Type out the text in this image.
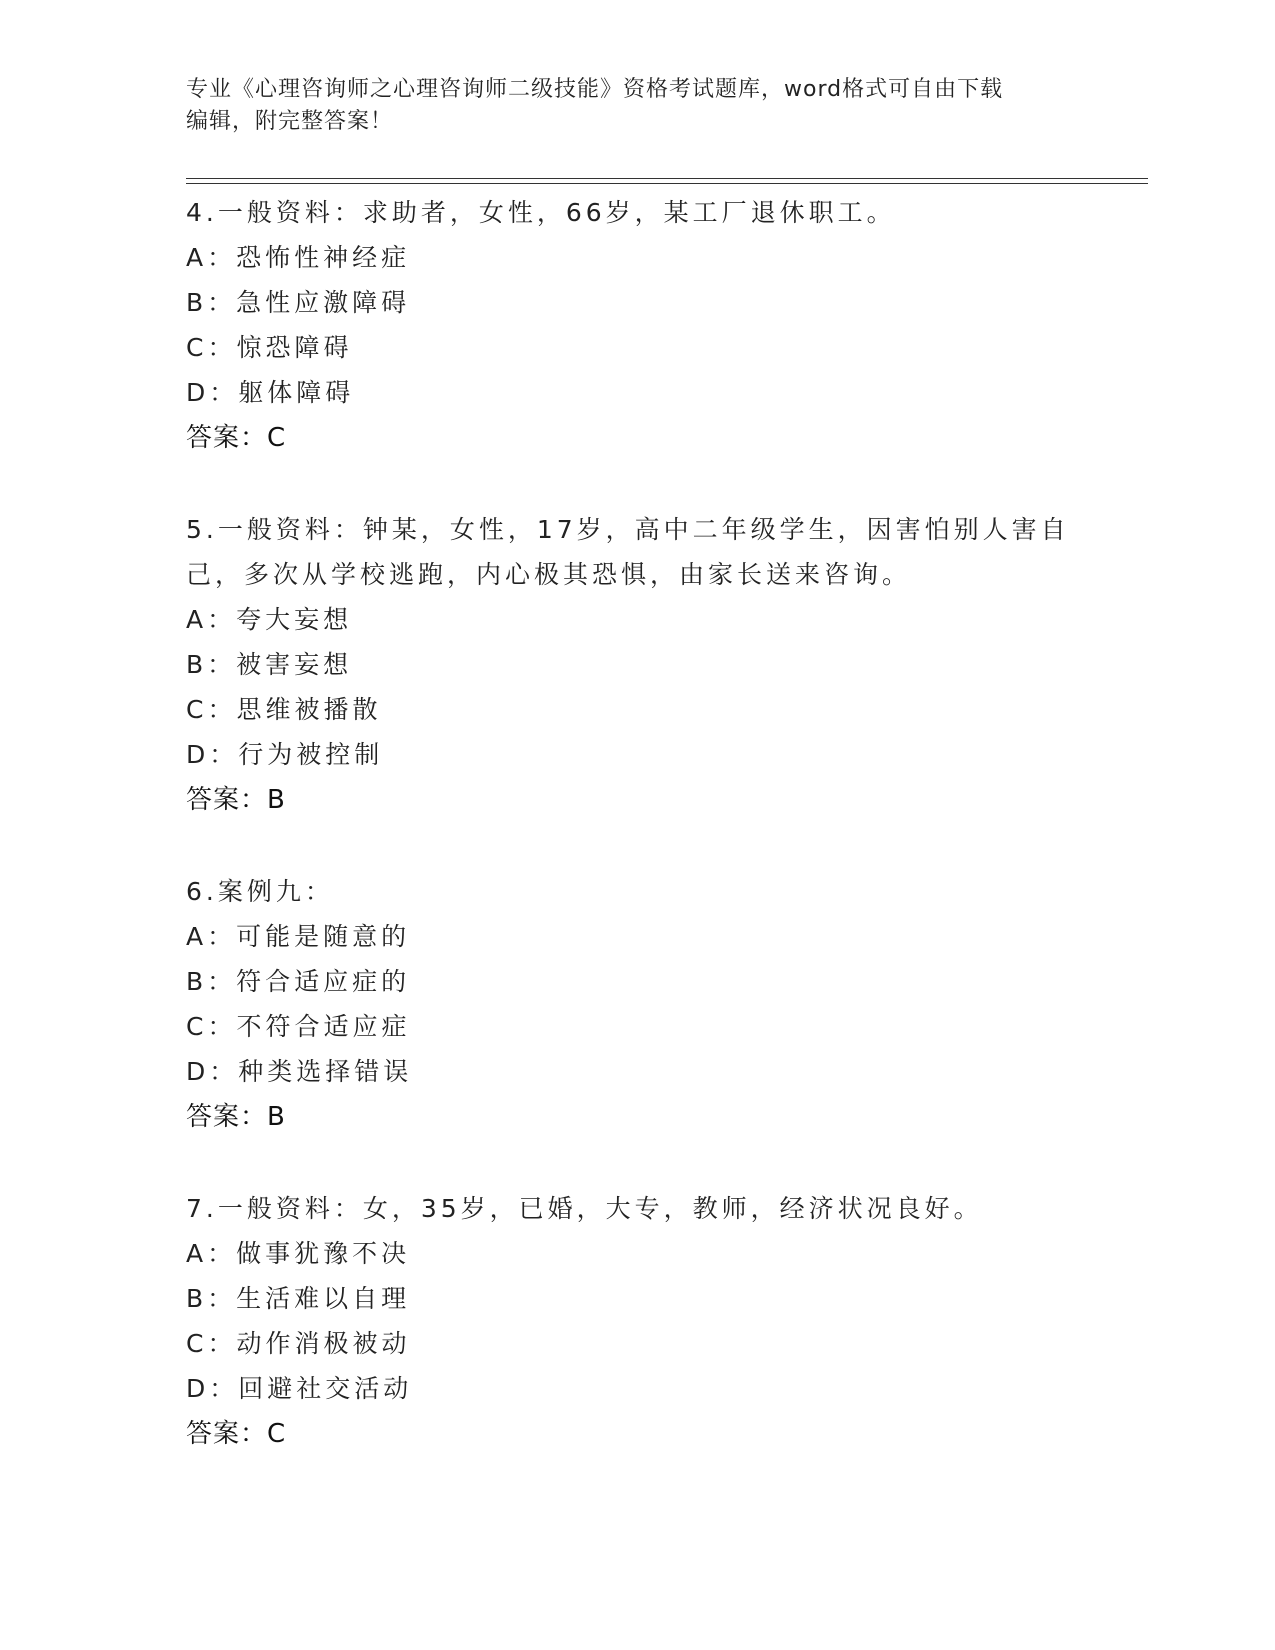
专业《心理咨询师之心理咨询师二级技能》资格考试题库，word格式可自由下载
编辑，附完整答案！
4.一般资料：求助者，女性，66岁，某工厂退休职工。
A：恐怖性神经症
B：急性应激障碍
C：惊恐障碍
D：躯体障碍
答案：C
5.一般资料：钟某，女性，17岁，高中二年级学生，因害怕别人害自
己，多次从学校逃跑，内心极其恐惧，由家长送来咨询。
A：夸大妄想
B：被害妄想
C：思维被播散
D：行为被控制
答案：B
6.案例九：
A：可能是随意的
B：符合适应症的
C：不符合适应症
D：种类选择错误
答案：B
7.一般资料：女，35岁，已婚，大专，教师，经济状况良好。
A：做事犹豫不决
B：生活难以自理
C：动作消极被动
D：回避社交活动
答案：C
